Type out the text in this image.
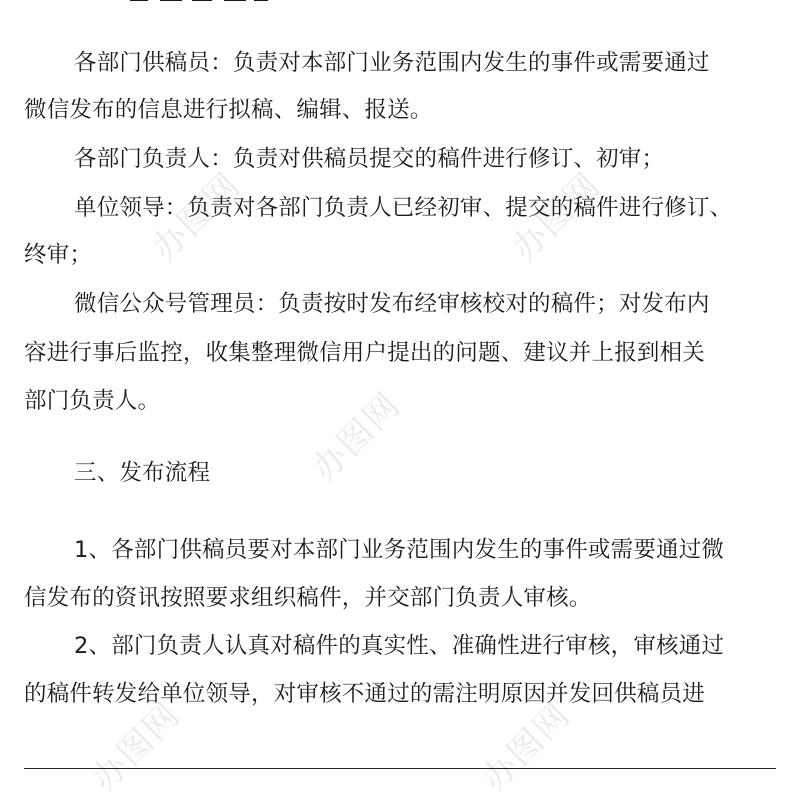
办图网	办图网
办图网
办图网	办图网
各部门供稿员：负责对本部门业务范围内发生的事件或需要通过
微信发布的信息进行拟稿、编辑、报送。
各部门负责人：负责对供稿员提交的稿件进行修订、初审；
单位领导：负责对各部门负责人已经初审、提交的稿件进行修订、
终审；
微信公众号管理员：负责按时发布经审核校对的稿件；对发布内
容进行事后监控，收集整理微信用户提出的问题、建议并上报到相关
部门负责人。
三、发布流程
1、各部门供稿员要对本部门业务范围内发生的事件或需要通过微
信发布的资讯按照要求组织稿件，并交部门负责人审核。
2、部门负责人认真对稿件的真实性、准确性进行审核，审核通过
的稿件转发给单位领导，对审核不通过的需注明原因并发回供稿员进
